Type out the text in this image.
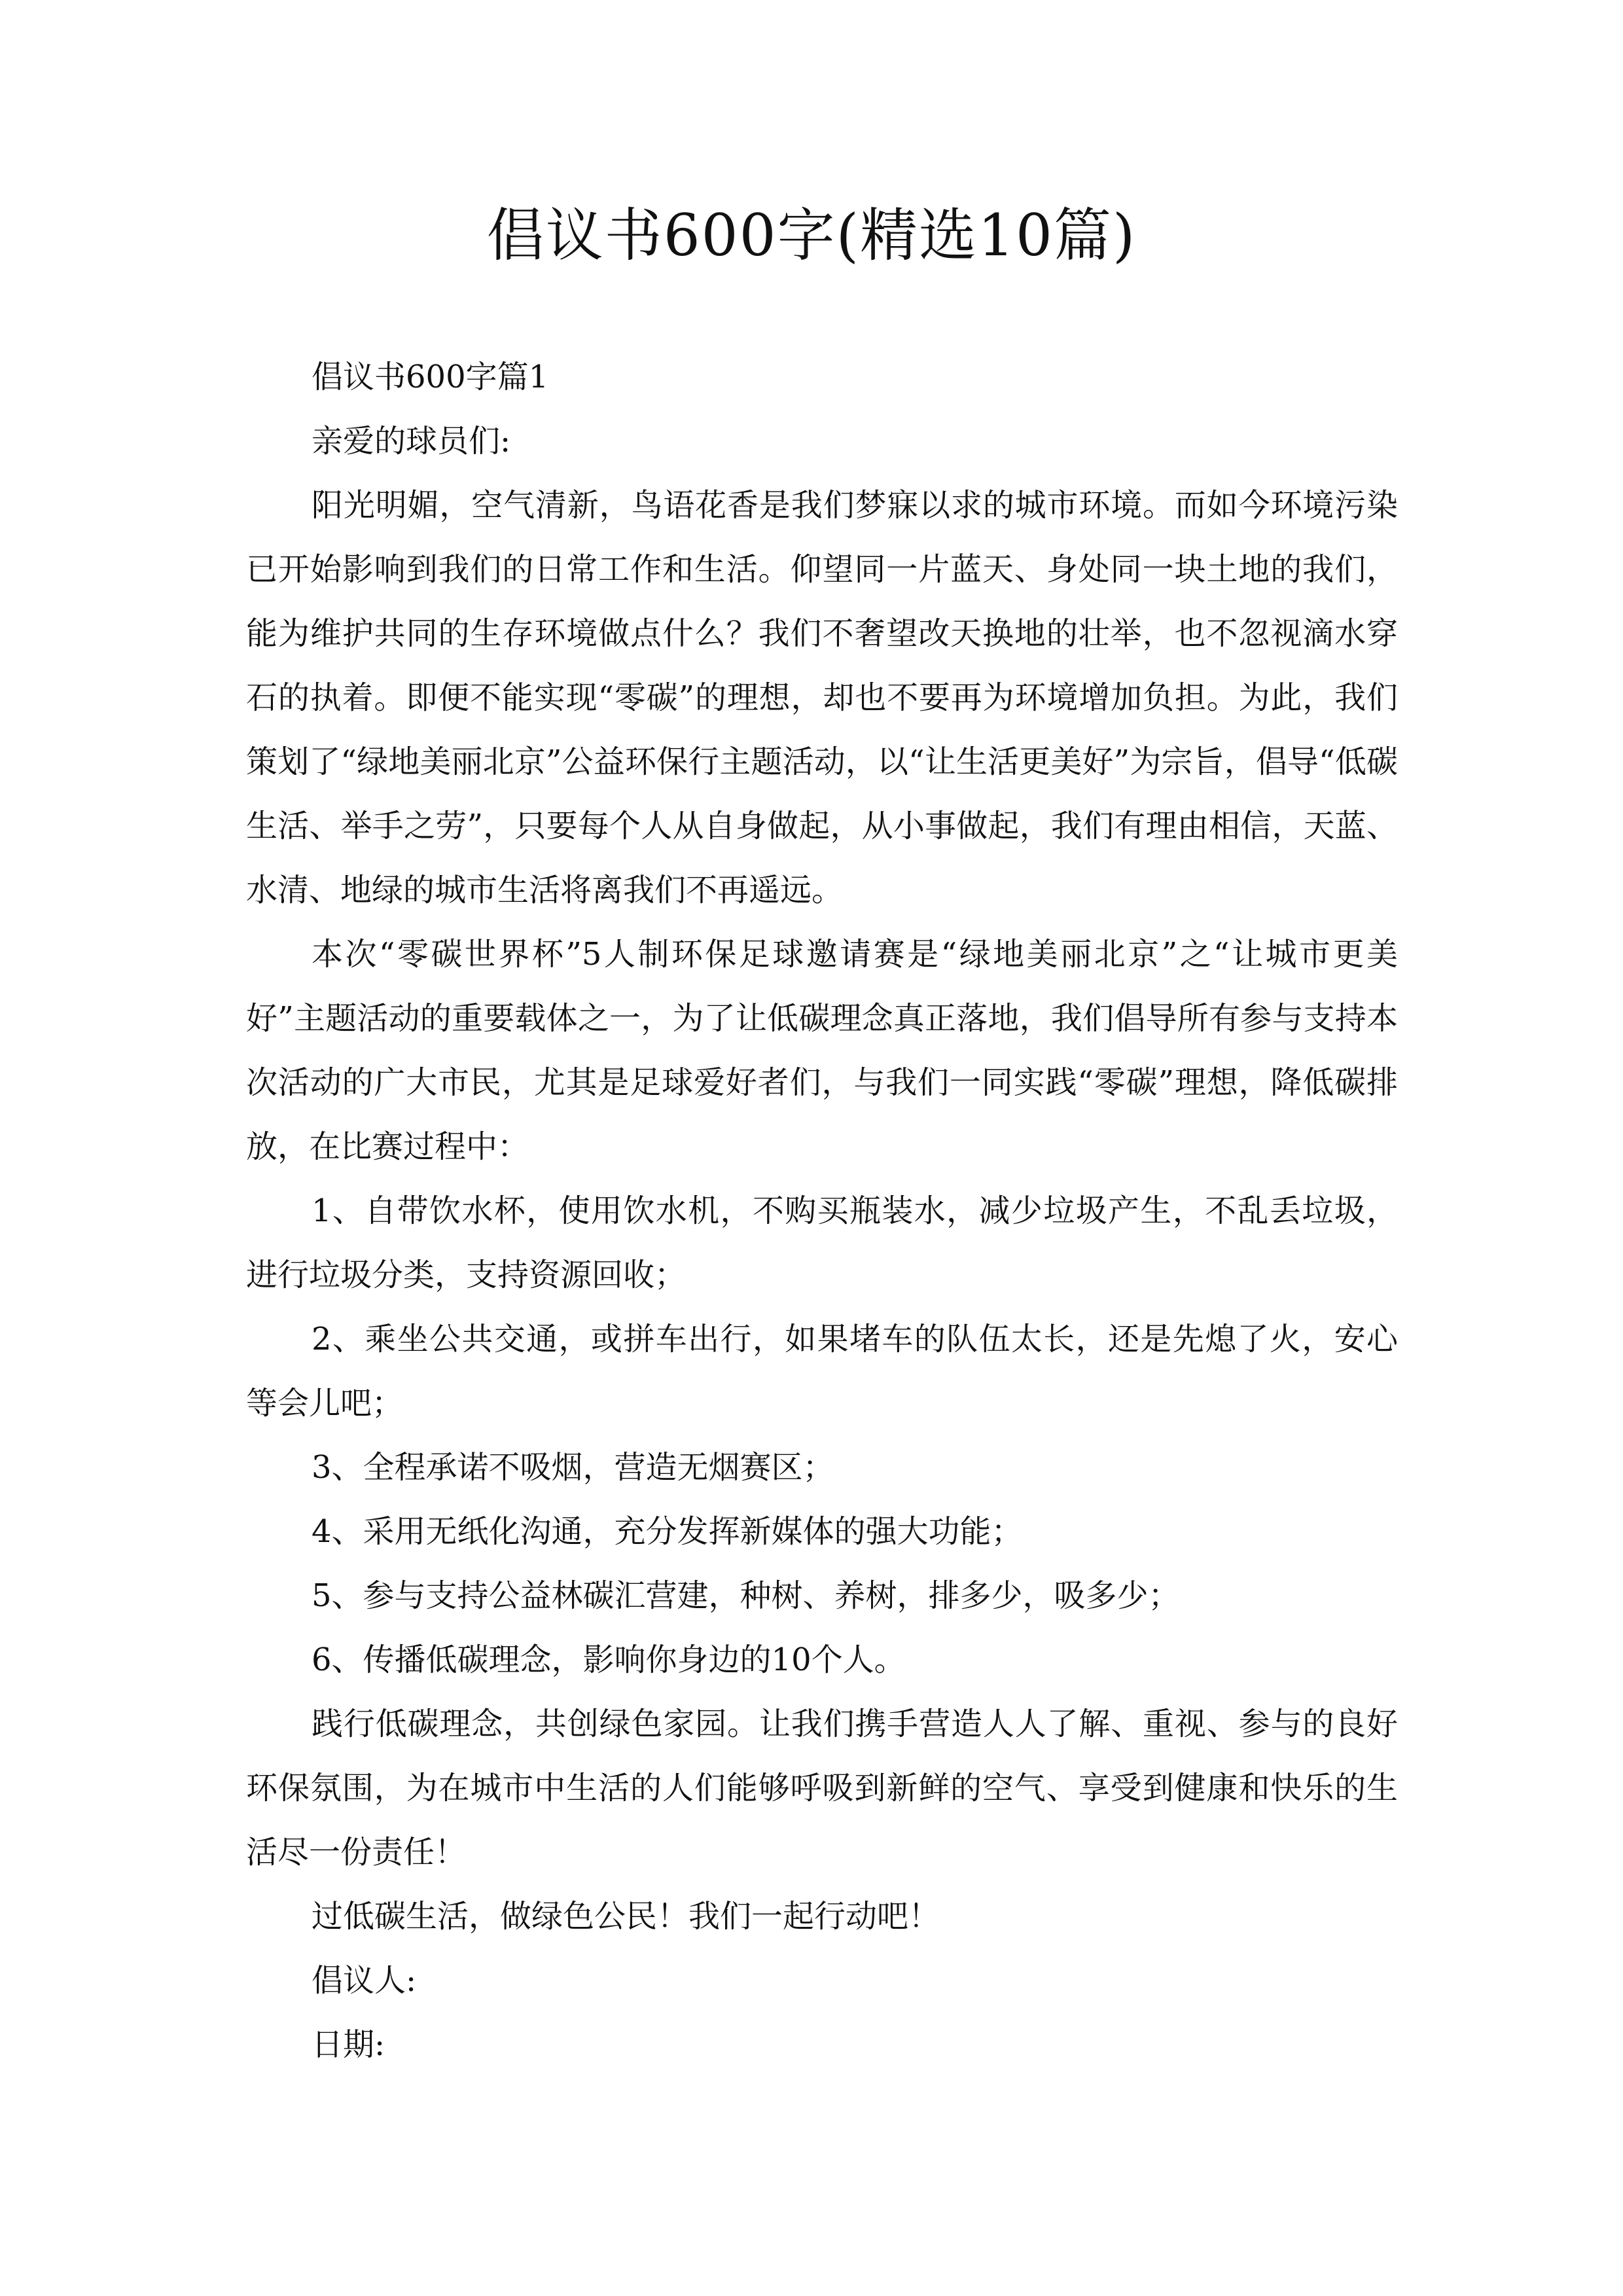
倡议书600字(精选10篇)

倡议书600字篇1

亲爱的球员们:

阳光明媚，空气清新，鸟语花香是我们梦寐以求的城市环境。而如今环境污染已开始影响到我们的日常工作和生活。仰望同一片蓝天、身处同一块土地的我们，能为维护共同的生存环境做点什么？我们不奢望改天换地的壮举，也不忽视滴水穿石的执着。即便不能实现“零碳”的理想，却也不要再为环境增加负担。为此，我们策划了“绿地美丽北京”公益环保行主题活动，以“让生活更美好”为宗旨，倡导“低碳生活、举手之劳”，只要每个人从自身做起，从小事做起，我们有理由相信，天蓝、水清、地绿的城市生活将离我们不再遥远。

本次“零碳世界杯”5人制环保足球邀请赛是“绿地美丽北京”之“让城市更美好”主题活动的重要载体之一，为了让低碳理念真正落地，我们倡导所有参与支持本次活动的广大市民，尤其是足球爱好者们，与我们一同实践“零碳”理想，降低碳排放，在比赛过程中：

1、自带饮水杯，使用饮水机，不购买瓶装水，减少垃圾产生，不乱丢垃圾，进行垃圾分类，支持资源回收；

2、乘坐公共交通，或拼车出行，如果堵车的队伍太长，还是先熄了火，安心等会儿吧；

3、全程承诺不吸烟，营造无烟赛区；

4、采用无纸化沟通，充分发挥新媒体的强大功能；

5、参与支持公益林碳汇营建，种树、养树，排多少，吸多少；

6、传播低碳理念，影响你身边的10个人。

践行低碳理念，共创绿色家园。让我们携手营造人人了解、重视、参与的良好环保氛围，为在城市中生活的人们能够呼吸到新鲜的空气、享受到健康和快乐的生活尽一份责任！

过低碳生活，做绿色公民！我们一起行动吧！

倡议人:

日期:
